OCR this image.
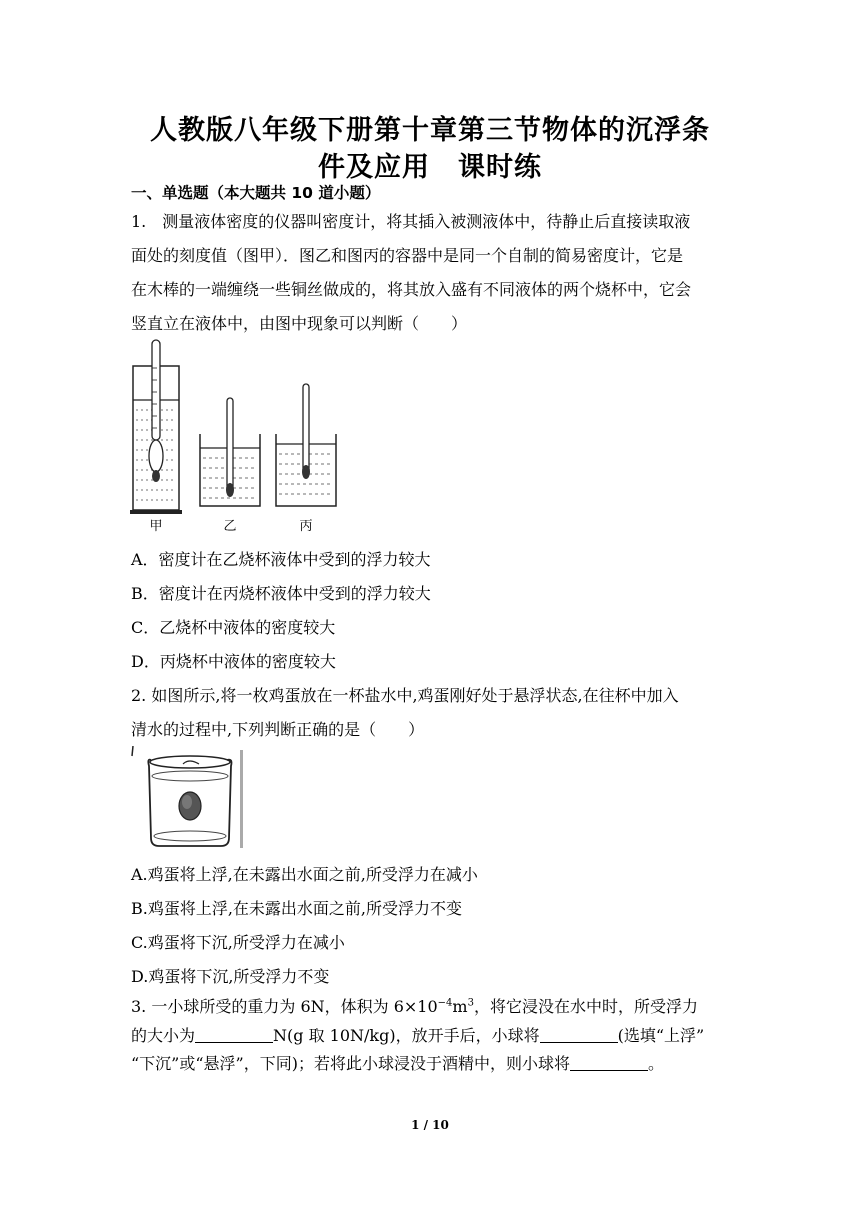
人教版八年级下册第十章第三节物体的沉浮条
件及应用　课时练
一、单选题（本大题共 10 道小题）
1.　测量液体密度的仪器叫密度计，将其插入被测液体中，待静止后直接读取液
面处的刻度值（图甲）．图乙和图丙的容器中是同一个自制的简易密度计，它是
在木棒的一端缠绕一些铜丝做成的，将其放入盛有不同液体的两个烧杯中，它会
竖直立在液体中，由图中现象可以判断（　　）
甲	乙	丙
A．密度计在乙烧杯液体中受到的浮力较大
B．密度计在丙烧杯液体中受到的浮力较大
C．乙烧杯中液体的密度较大
D．丙烧杯中液体的密度较大
2. 如图所示,将一枚鸡蛋放在一杯盐水中,鸡蛋刚好处于悬浮状态,在往杯中加入
清水的过程中,下列判断正确的是（　　）
A.鸡蛋将上浮,在未露出水面之前,所受浮力在减小
B.鸡蛋将上浮,在未露出水面之前,所受浮力不变
C.鸡蛋将下沉,所受浮力在减小
D.鸡蛋将下沉,所受浮力不变
3. 一小球所受的重力为 6N，体积为 $6\times 10^{-4}m^3$，将它浸没在水中时，所受浮力
的大小为	N(g 取 10N/kg)，放开手后，小球将	(选填“上浮”
“下沉”或“悬浮”，下同)；若将此小球浸没于酒精中，则小球将	。
1 / 10
